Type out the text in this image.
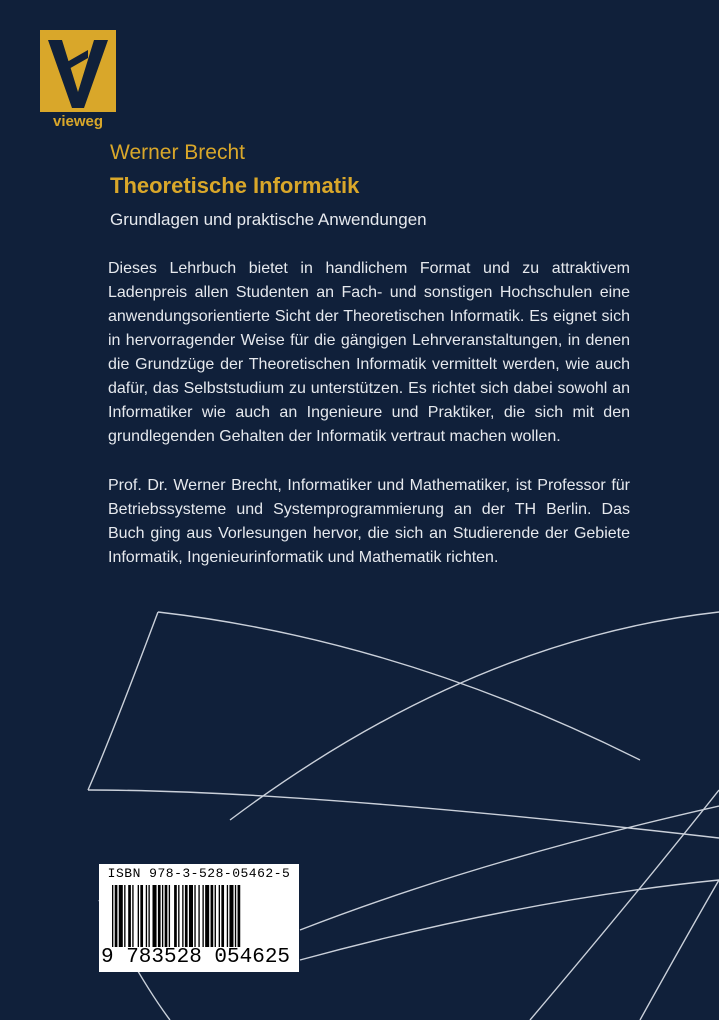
vieweg
Werner Brecht
Theoretische Informatik
Grundlagen und praktische Anwendungen

Dieses Lehrbuch bietet in handlichem Format und zu attraktivem Ladenpreis allen Studenten an Fach- und sonstigen Hochschulen eine anwendungsorientierte Sicht der Theoretischen Informatik. Es eignet sich in hervorragender Weise für die gängigen Lehrveranstaltungen, in denen die Grundzüge der Theoretischen Informatik vermittelt werden, wie auch dafür, das Selbststudium zu unterstützen. Es richtet sich dabei sowohl an Informatiker wie auch an Ingenieure und Praktiker, die sich mit den grundlegenden Gehalten der Informatik vertraut machen wollen.

Prof. Dr. Werner Brecht, Informatiker und Mathematiker, ist Professor für Betriebssysteme und Systemprogrammierung an der TH Berlin. Das Buch ging aus Vorlesungen hervor, die sich an Studierende der Gebiete Informatik, Ingenieurinformatik und Mathematik richten.

ISBN 978-3-528-05462-5
9 783528 054625
